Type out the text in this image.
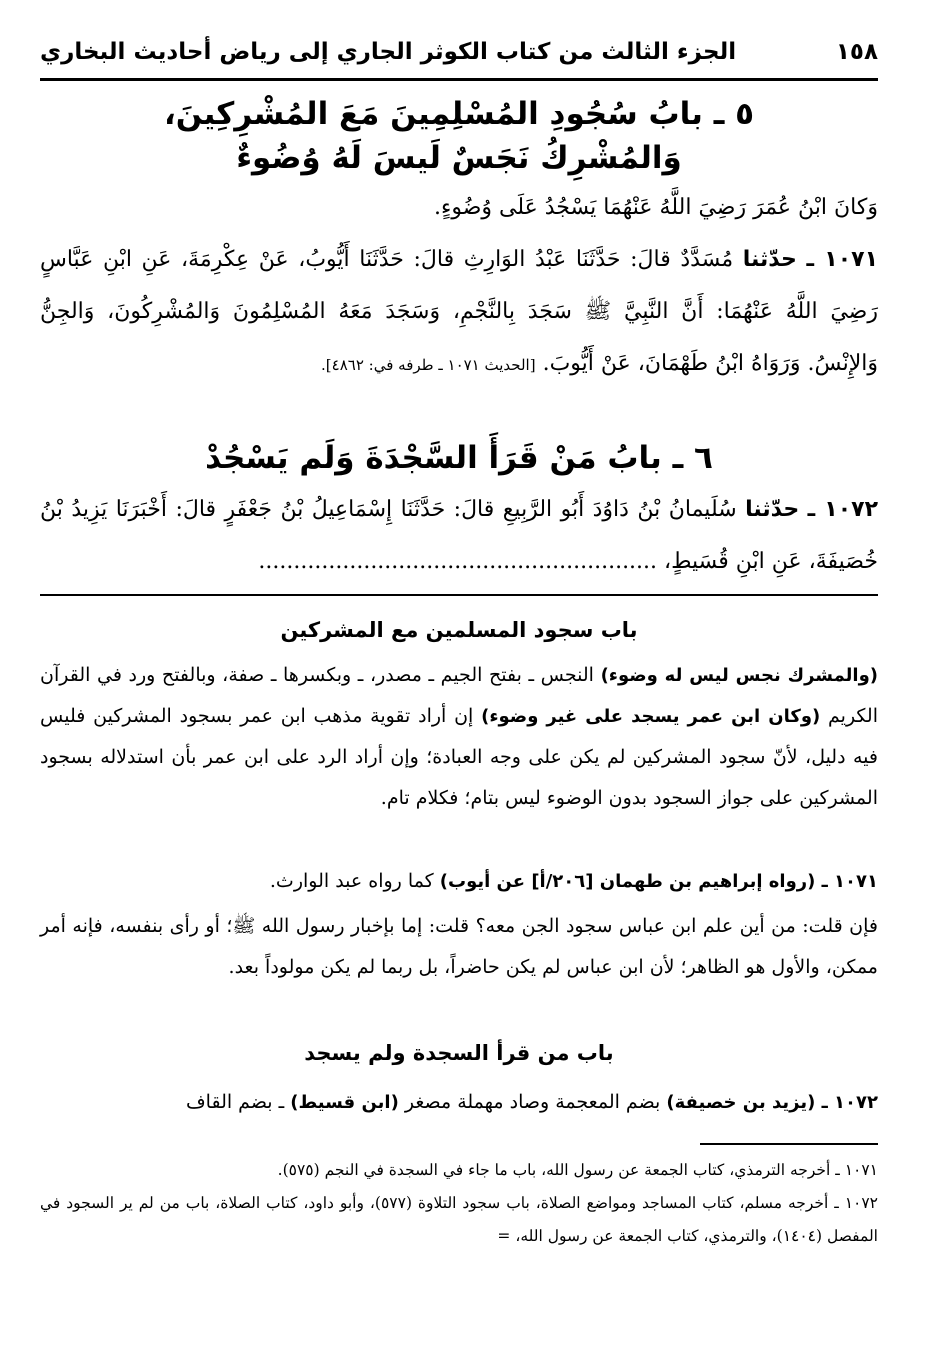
١٥٨
الجزء الثالث من كتاب الكوثر الجاري إلى رياض أحاديث البخاري
٥ ـ بابُ سُجُودِ المُسْلِمِينَ مَعَ المُشْرِكِينَ،
وَالمُشْرِكُ نَجَسٌ لَيسَ لَهُ وُضُوءٌ
وَكانَ ابْنُ عُمَرَ رَضِيَ اللَّهُ عَنْهُمَا يَسْجُدُ عَلَى وُضُوءٍ.
١٠٧١ ـ حدّثنا مُسَدَّدٌ قالَ: حَدَّثَنَا عَبْدُ الوَارِثِ قالَ: حَدَّثَنَا أَيُّوبُ، عَنْ عِكْرِمَةَ، عَنِ ابْنِ عَبَّاسٍ رَضِيَ اللَّهُ عَنْهُمَا: أَنَّ النَّبِيَّ ﷺ سَجَدَ بِالنَّجْمِ، وَسَجَدَ مَعَهُ المُسْلِمُونَ وَالمُشْرِكُونَ، وَالجِنُّ وَالإِنْسُ. وَرَوَاهُ ابْنُ طَهْمَانَ، عَنْ أَيُّوبَ. [الحديث ١٠٧١ ـ طرفه في: ٤٨٦٢].
٦ ـ بابُ مَنْ قَرَأَ السَّجْدَةَ وَلَم يَسْجُدْ
١٠٧٢ ـ حدّثنا سُلَيمانُ بْنُ دَاوُدَ أَبُو الرَّبِيعِ قالَ: حَدَّثَنَا إِسْمَاعِيلُ بْنُ جَعْفَرٍ قالَ: أَخْبَرَنَا يَزِيدُ بْنُ خُصَيفَةَ، عَنِ ابْنِ قُسَيطٍ، .........................................................
باب سجود المسلمين مع المشركين
(والمشرك نجس ليس له وضوء) النجس ـ بفتح الجيم ـ مصدر، ـ وبكسرها ـ صفة، وبالفتح ورد في القرآن الكريم (وكان ابن عمر يسجد على غير وضوء) إن أراد تقوية مذهب ابن عمر بسجود المشركين فليس فيه دليل، لأنّ سجود المشركين لم يكن على وجه العبادة؛ وإن أراد الرد على ابن عمر بأن استدلاله بسجود المشركين على جواز السجود بدون الوضوء ليس بتام؛ فكلام تام.
١٠٧١ ـ (رواه إبراهيم بن طهمان [٢٠٦/أ] عن أيوب) كما رواه عبد الوارث.
فإن قلت: من أين علم ابن عباس سجود الجن معه؟ قلت: إما بإخبار رسول الله ﷺ؛ أو رأى بنفسه، فإنه أمر ممكن، والأول هو الظاهر؛ لأن ابن عباس لم يكن حاضراً، بل ربما لم يكن مولوداً بعد.
باب من قرأ السجدة ولم يسجد
١٠٧٢ ـ (يزيد بن خصيفة) بضم المعجمة وصاد مهملة مصغر (ابن قسيط) ـ بضم القاف

١٠٧١ ـ أخرجه الترمذي، كتاب الجمعة عن رسول الله، باب ما جاء في السجدة في النجم (٥٧٥).

١٠٧٢ ـ أخرجه مسلم، كتاب المساجد ومواضع الصلاة، باب سجود التلاوة (٥٧٧)، وأبو داود، كتاب الصلاة، باب من لم ير السجود في المفصل (١٤٠٤)، والترمذي، كتاب الجمعة عن رسول الله، =
